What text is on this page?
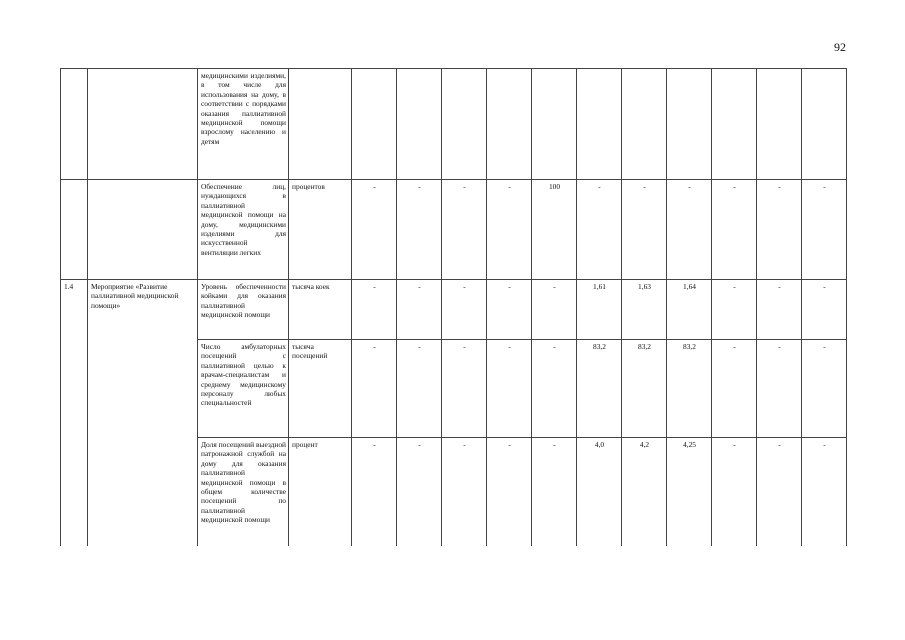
92
		медицинскими изделиями, в том числе для использования на дому, в соответствии с порядками оказания паллиативной медицинской помощи взрослому населению и детям												
		Обеспечение лиц, нуждающихся в паллиативной медицинской помощи на дому, медицинскими изделиями для искусственной вентиляции легких	процентов	-	-	-	-	100	-	-	-	-	-	-
1.4	Мероприятие «Развитие паллиативной медицинской помощи»	Уровень обеспеченности койками для оказания паллиативной медицинской помощи	тысяча коек	-	-	-	-	-	1,61	1,63	1,64	-	-	-
		Число амбулаторных посещений с паллиативной целью к врачам-специалистам и среднему медицинскому персоналу любых специальностей	тысяча посещений	-	-	-	-	-	83,2	83,2	83,2	-	-	-
		Доля посещений выездной патронажной службой на дому для оказания паллиативной медицинской помощи в общем количестве посещений по паллиативной медицинской помощи	процент	-	-	-	-	-	4,0	4,2	4,25	-	-	-
